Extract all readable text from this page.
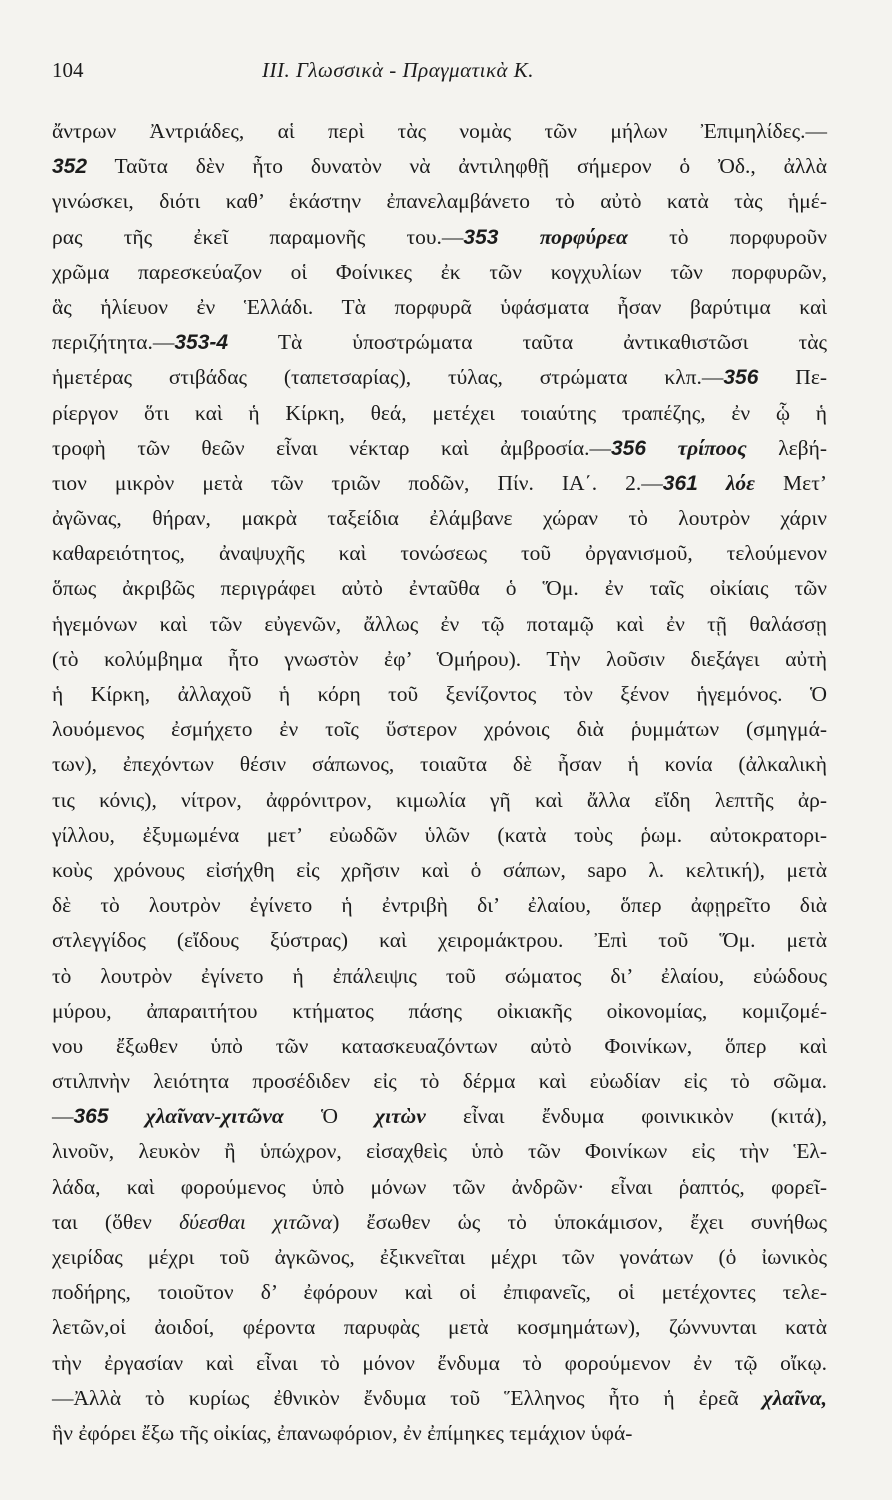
104	III. Γλωσσικὰ - Πραγματικὰ Κ.
ἄντρων Ἀντριάδες, αἱ περὶ τὰς νομὰς τῶν μήλων Ἐπιμηλίδες.—
352 Ταῦτα δὲν ἦτο δυνατὸν νὰ ἀντιληφθῇ σήμερον ὁ Ὀδ., ἀλλὰ
γινώσκει, διότι καθ’ ἑκάστην ἐπανελαμβάνετο τὸ αὐτὸ κατὰ τὰς ἡμέ-
ρας τῆς ἐκεῖ παραμονῆς του.—353 πορφύρεα τὸ πορφυροῦν
χρῶμα παρεσκεύαζον οἱ Φοίνικες ἐκ τῶν κογχυλίων τῶν πορφυρῶν,
ἃς ἡλίευον ἐν Ἑλλάδι. Τὰ πορφυρᾶ ὑφάσματα ἦσαν βαρύτιμα καὶ
περιζήτητα.—353-4 Τὰ ὑποστρώματα ταῦτα ἀντικαθιστῶσι τὰς
ἡμετέρας στιβάδας (ταπετσαρίας), τύλας, στρώματα κλπ.—356 Πε-
ρίεργον ὅτι καὶ ἡ Κίρκη, θεά, μετέχει τοιαύτης τραπέζης, ἐν ᾧ ἡ
τροφὴ τῶν θεῶν εἶναι νέκταρ καὶ ἀμβροσία.—356 τρίποος λεβή-
τιον μικρὸν μετὰ τῶν τριῶν ποδῶν, Πίν. ΙΑ΄. 2.—361 λόε Μετ’
ἀγῶνας, θήραν, μακρὰ ταξείδια ἐλάμβανε χώραν τὸ λουτρὸν χάριν
καθαρειότητος, ἀναψυχῆς καὶ τονώσεως τοῦ ὀργανισμοῦ, τελούμενον
ὅπως ἀκριβῶς περιγράφει αὐτὸ ἐνταῦθα ὁ Ὅμ. ἐν ταῖς οἰκίαις τῶν
ἡγεμόνων καὶ τῶν εὐγενῶν, ἄλλως ἐν τῷ ποταμῷ καὶ ἐν τῇ θαλάσσῃ
(τὸ κολύμβημα ἦτο γνωστὸν ἐφ’ Ὁμήρου). Τὴν λοῦσιν διεξάγει αὐτὴ
ἡ Κίρκη, ἀλλαχοῦ ἡ κόρη τοῦ ξενίζοντος τὸν ξένον ἡγεμόνος. Ὁ
λουόμενος ἐσμήχετο ἐν τοῖς ὕστερον χρόνοις διὰ ῥυμμάτων (σμηγμά-
των), ἐπεχόντων θέσιν σάπωνος, τοιαῦτα δὲ ἦσαν ἡ κονία (ἀλκαλικὴ
τις κόνις), νίτρον, ἀφρόνιτρον, κιμωλία γῆ καὶ ἄλλα εἴδη λεπτῆς ἀρ-
γίλλου, ἐξυμωμένα μετ’ εὐωδῶν ὑλῶν (κατὰ τοὺς ῥωμ. αὐτοκρατορι-
κοὺς χρόνους εἰσήχθη εἰς χρῆσιν καὶ ὁ σάπων, sapo λ. κελτική), μετὰ
δὲ τὸ λουτρὸν ἐγίνετο ἡ ἐντριβὴ δι’ ἐλαίου, ὅπερ ἀφῃρεῖτο διὰ
στλεγγίδος (εἴδους ξύστρας) καὶ χειρομάκτρου. Ἐπὶ τοῦ Ὅμ. μετὰ
τὸ λουτρὸν ἐγίνετο ἡ ἐπάλειψις τοῦ σώματος δι’ ἐλαίου, εὐώδους
μύρου, ἀπαραιτήτου κτήματος πάσης οἰκιακῆς οἰκονομίας, κομιζομέ-
νου ἔξωθεν ὑπὸ τῶν κατασκευαζόντων αὐτὸ Φοινίκων, ὅπερ καὶ
στιλπνὴν λειότητα προσέδιδεν εἰς τὸ δέρμα καὶ εὐωδίαν εἰς τὸ σῶμα.
—365 χλαῖναν-χιτῶνα Ὁ χιτὼν εἶναι ἔνδυμα φοινικικὸν (κιτά),
λινοῦν, λευκὸν ἢ ὑπώχρον, εἰσαχθεὶς ὑπὸ τῶν Φοινίκων εἰς τὴν Ἑλ-
λάδα, καὶ φορούμενος ὑπὸ μόνων τῶν ἀνδρῶν· εἶναι ῥαπτός, φορεῖ-
ται (ὅθεν δύεσθαι χιτῶνα) ἔσωθεν ὡς τὸ ὑποκάμισον, ἔχει συνήθως
χειρίδας μέχρι τοῦ ἀγκῶνος, ἐξικνεῖται μέχρι τῶν γονάτων (ὁ ἰωνικὸς
ποδήρης, τοιοῦτον δ’ ἐφόρουν καὶ οἱ ἐπιφανεῖς, οἱ μετέχοντες τελε-
λετῶν,οἱ ἀοιδοί, φέροντα παρυφὰς μετὰ κοσμημάτων), ζώννυνται κατὰ
τὴν ἐργασίαν καὶ εἶναι τὸ μόνον ἔνδυμα τὸ φορούμενον ἐν τῷ οἴκῳ.
—Ἀλλὰ τὸ κυρίως ἐθνικὸν ἔνδυμα τοῦ Ἕλληνος ἦτο ἡ ἐρεᾶ χλαῖνα,
ἣν ἐφόρει ἔξω τῆς οἰκίας, ἐπανωφόριον, ἐν ἐπίμηκες τεμάχιον ὑφά-
